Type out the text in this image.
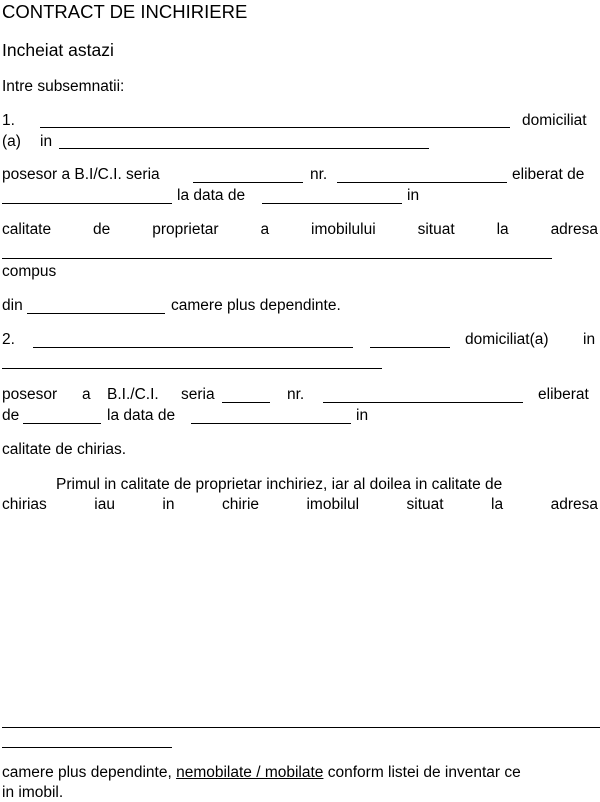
CONTRACT DE INCHIRIERE
Incheiat astazi
Intre subsemnatii:
1.	domiciliat
(a) in
posesor a B.I/C.I. seria	nr.	eliberat de
la data de	in
calitate	de	proprietar	a	imobilului	situat	la	adresa
compus
din	camere plus dependinte.
2.	domiciliat(a) in
posesor a B.I./C.I. seria	nr.	eliberat
de	la data de	in
calitate de chirias.
Primul in calitate de proprietar inchiriez, iar al doilea in calitate de
chirias	iau	in	chirie	imobilul	situat	la	adresa
camere plus dependinte, nemobilate / mobilate conform listei de inventar ce
in imobil.
